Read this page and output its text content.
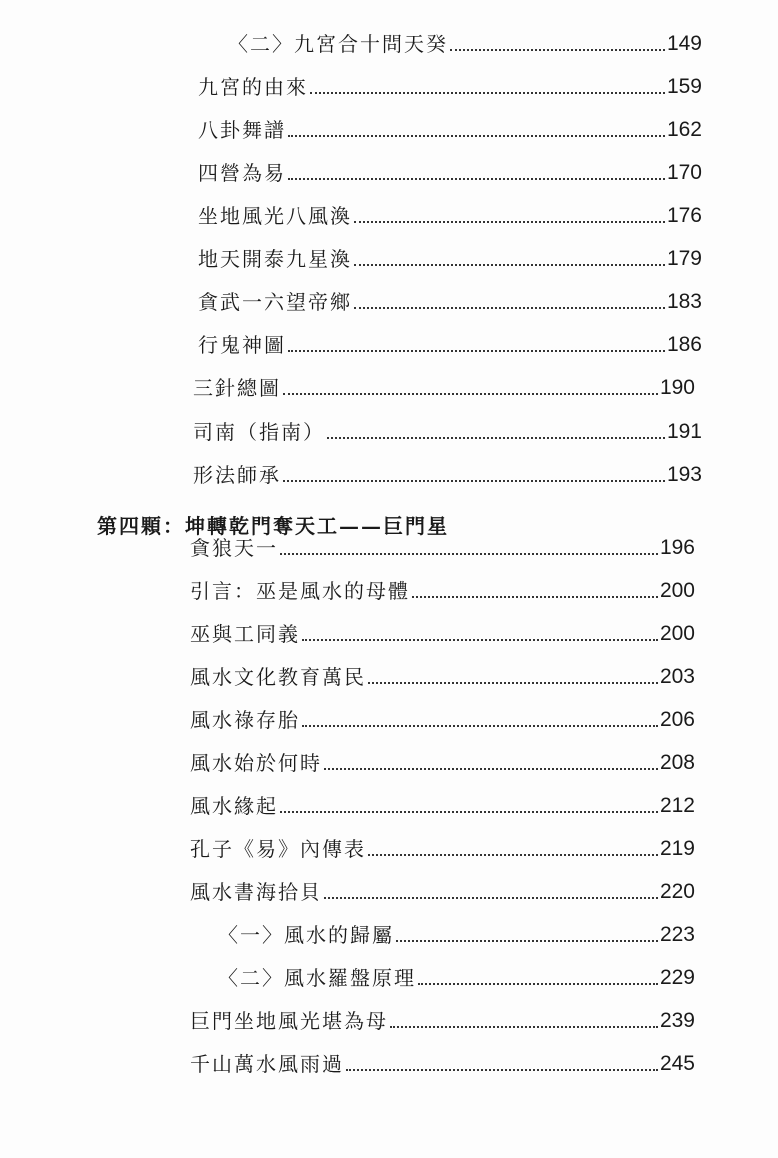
〈二〉九宮合十問天癸	149
九宮的由來	159
八卦舞譜	162
四營為易	170
坐地風光八風渙	176
地天開泰九星渙	179
貪武一六望帝鄉	183
行鬼神圖	186
三針總圖	190
司南（指南）	191
形法師承	193
第四顆：坤轉乾門奪天工——巨門星
貪狼天一	196
引言：巫是風水的母體	200
巫與工同義	200
風水文化教育萬民	203
風水祿存胎	206
風水始於何時	208
風水緣起	212
孔子《易》內傳表	219
風水書海拾貝	220
〈一〉風水的歸屬	223
〈二〉風水羅盤原理	229
巨門坐地風光堪為母	239
千山萬水風雨過	245
